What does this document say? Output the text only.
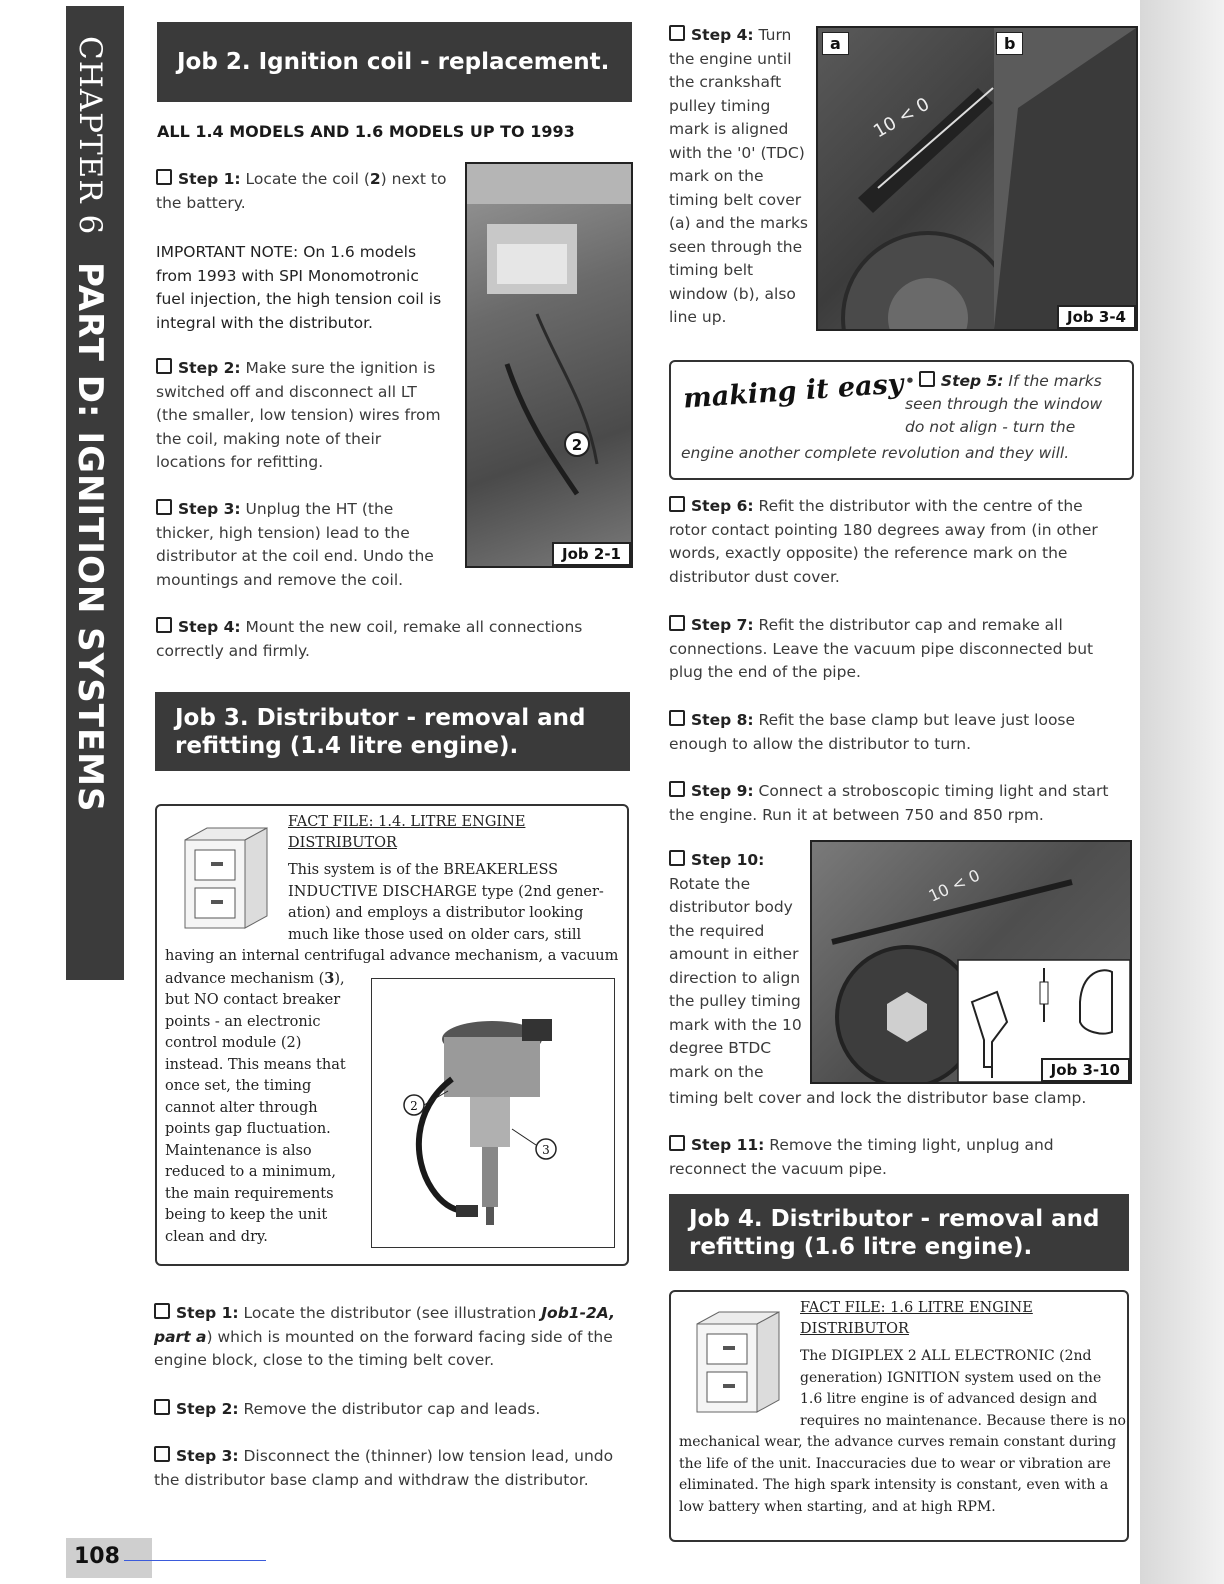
CHAPTER 6 PART D: IGNITION SYSTEMS
Job 2. Ignition coil - replacement.
ALL 1.4 MODELS AND 1.6 MODELS UP TO 1993
Step 1: Locate the coil (2) next to the battery.
IMPORTANT NOTE: On 1.6 models from 1993 with SPI Monomotronic fuel injection, the high tension coil is integral with the distributor.
Step 2: Make sure the ignition is switched off and disconnect all LT (the smaller, low tension) wires from the coil, making note of their locations for refitting.
Step 3: Unplug the HT (the thicker, high tension) lead to the distributor at the coil end. Undo the mountings and remove the coil.
2
Job 2-1
Step 4: Mount the new coil, remake all connections correctly and firmly.
Job 3. Distributor - removal and
refitting (1.4 litre engine).
FACT FILE: 1.4. LITRE ENGINE
DISTRIBUTOR
This system is of the BREAKERLESS
INDUCTIVE DISCHARGE type (2nd gener-
ation) and employs a distributor looking
much like those used on older cars, still
having an internal centrifugal advance mechanism, a vacuum
advance mechanism (3),
but NO contact breaker
points - an electronic
control module (2)
instead. This means that
once set, the timing
cannot alter through
points gap fluctuation.
Maintenance is also
reduced to a minimum,
the main requirements
being to keep the unit
clean and dry.
2
3
Step 1: Locate the distributor (see illustration Job1-2A, part a) which is mounted on the forward facing side of the engine block, close to the timing belt cover.
Step 2: Remove the distributor cap and leads.
Step 3: Disconnect the (thinner) low tension lead, undo the distributor base clamp and withdraw the distributor.
108
Step 4: Turn
the engine until
the crankshaft
pulley timing
mark is aligned
with the '0' (TDC)
mark on the
timing belt cover
(a) and the marks
seen through the
timing belt
window (b), also
line up.
10 < 0
a	b
Job 3-4
making it easy • Step 5: If the marks
seen through the window
do not align - turn the
engine another complete revolution and they will.
Step 6: Refit the distributor with the centre of the rotor contact pointing 180 degrees away from (in other words, exactly opposite) the reference mark on the distributor dust cover.
Step 7: Refit the distributor cap and remake all connections. Leave the vacuum pipe disconnected but plug the end of the pipe.
Step 8: Refit the base clamp but leave just loose enough to allow the distributor to turn.
Step 9: Connect a stroboscopic timing light and start the engine. Run it at between 750 and 850 rpm.
Step 10:
Rotate the
distributor body
the required
amount in either
direction to align
the pulley timing
mark with the 10
degree BTDC
mark on the
timing belt cover and lock the distributor base clamp.
10 < 0
Job 3-10
Step 11: Remove the timing light, unplug and reconnect the vacuum pipe.
Job 4. Distributor - removal and
refitting (1.6 litre engine).
FACT FILE: 1.6 LITRE ENGINE
DISTRIBUTOR
The DIGIPLEX 2 ALL ELECTRONIC (2nd
generation) IGNITION system used on the
1.6 litre engine is of advanced design and
requires no maintenance. Because there is no
mechanical wear, the advance curves remain constant during
the life of the unit. Inaccuracies due to wear or vibration are
eliminated. The high spark intensity is constant, even with a
low battery when starting, and at high RPM.
